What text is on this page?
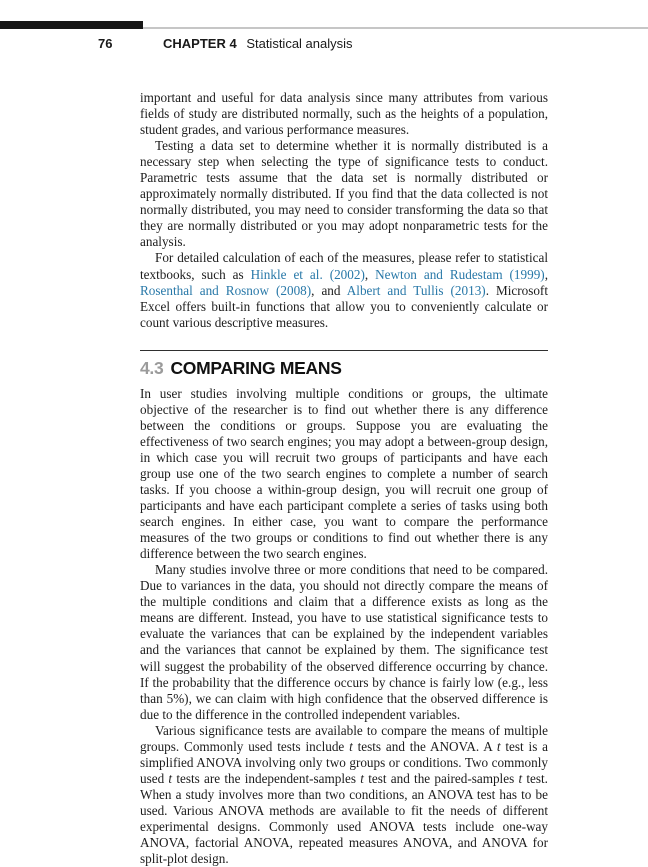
76	CHAPTER 4 Statistical analysis

important and useful for data analysis since many attributes from various fields of study are distributed normally, such as the heights of a population, student grades, and various performance measures.

Testing a data set to determine whether it is normally distributed is a necessary step when selecting the type of significance tests to conduct. Parametric tests assume that the data set is normally distributed or approximately normally distributed. If you find that the data collected is not normally distributed, you may need to consider transforming the data so that they are normally distributed or you may adopt nonparametric tests for the analysis.

For detailed calculation of each of the measures, please refer to statistical textbooks, such as Hinkle et al. (2002), Newton and Rudestam (1999), Rosenthal and Rosnow (2008), and Albert and Tullis (2013). Microsoft Excel offers built-in functions that allow you to conveniently calculate or count various descriptive measures.

4.3 COMPARING MEANS

In user studies involving multiple conditions or groups, the ultimate objective of the researcher is to find out whether there is any difference between the conditions or groups. Suppose you are evaluating the effectiveness of two search engines; you may adopt a between-group design, in which case you will recruit two groups of participants and have each group use one of the two search engines to complete a number of search tasks. If you choose a within-group design, you will recruit one group of participants and have each participant complete a series of tasks using both search engines. In either case, you want to compare the performance measures of the two groups or conditions to find out whether there is any difference between the two search engines.

Many studies involve three or more conditions that need to be compared. Due to variances in the data, you should not directly compare the means of the multiple conditions and claim that a difference exists as long as the means are different. Instead, you have to use statistical significance tests to evaluate the variances that can be explained by the independent variables and the variances that cannot be explained by them. The significance test will suggest the probability of the observed difference occurring by chance. If the probability that the difference occurs by chance is fairly low (e.g., less than 5%), we can claim with high confidence that the observed difference is due to the difference in the controlled independent variables.

Various significance tests are available to compare the means of multiple groups. Commonly used tests include t tests and the ANOVA. A t test is a simplified ANOVA involving only two groups or conditions. Two commonly used t tests are the independent-samples t test and the paired-samples t test. When a study involves more than two conditions, an ANOVA test has to be used. Various ANOVA methods are available to fit the needs of different experimental designs. Commonly used ANOVA tests include one-way ANOVA, factorial ANOVA, repeated measures ANOVA, and ANOVA for split-plot design.
